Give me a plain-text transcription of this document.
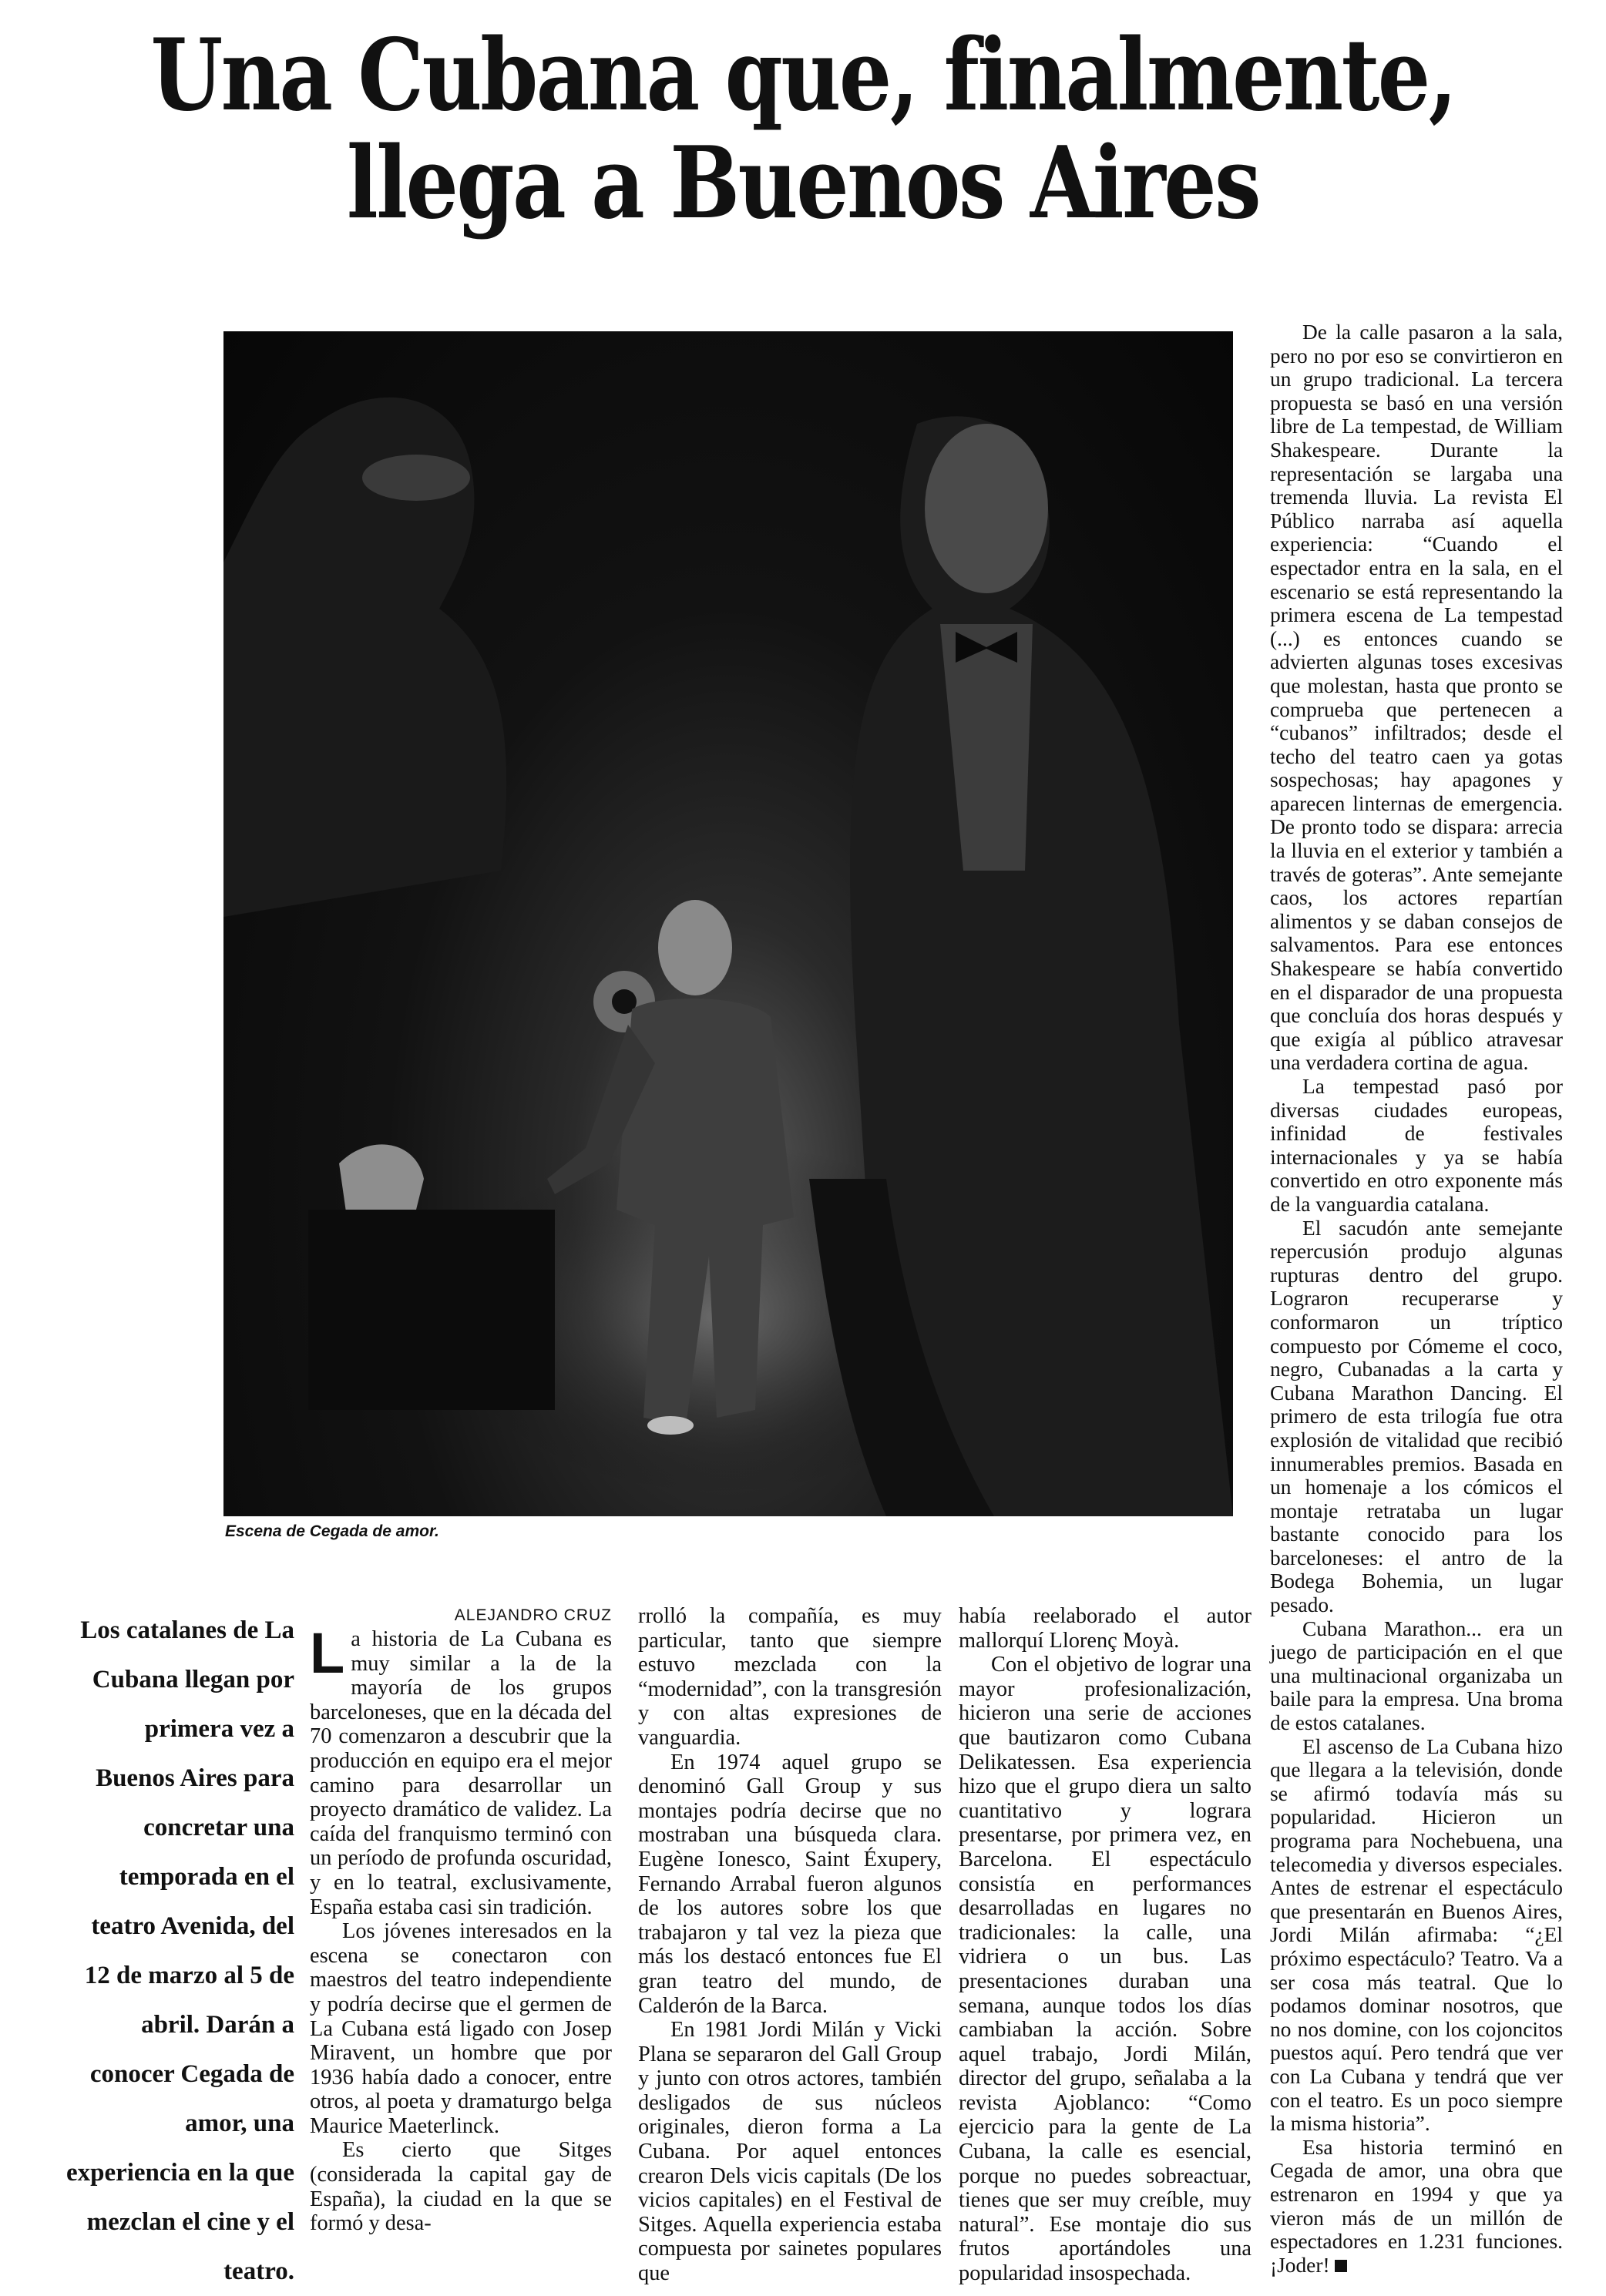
Una Cubana que, finalmente,
llega a Buenos Aires

Escena de Cegada de amor.

Los catalanes de La Cubana llegan por primera vez a Buenos Aires para concretar una temporada en el teatro Avenida, del 12 de marzo al 5 de abril. Darán a conocer Cegada de amor, una experiencia en la que mezclan el cine y el teatro.

ALEJANDRO CRUZ

L a historia de La Cubana es muy similar a la de la mayoría de los grupos barceloneses, que en la década del 70 comenzaron a descubrir que la producción en equipo era el mejor camino para desarrollar un proyecto dramático de validez. La caída del franquismo terminó con un período de profunda oscuridad, y en lo teatral, exclusivamente, España estaba casi sin tradición.

Los jóvenes interesados en la escena se conectaron con maestros del teatro independiente y podría decirse que el germen de La Cubana está ligado con Josep Miravent, un hombre que por 1936 había dado a conocer, entre otros, al poeta y dramaturgo belga Maurice Maeterlinck.

Es cierto que Sitges (considerada la capital gay de España), la ciudad en la que se formó y desa-

rrolló la compañía, es muy particular, tanto que siempre estuvo mezclada con la “modernidad”, con la transgresión y con altas expresiones de vanguardia.

En 1974 aquel grupo se denominó Gall Group y sus montajes podría decirse que no mostraban una búsqueda clara. Eugène Ionesco, Saint Éxupery, Fernando Arrabal fueron algunos de los autores sobre los que trabajaron y tal vez la pieza que más los destacó entonces fue El gran teatro del mundo, de Calderón de la Barca.

En 1981 Jordi Milán y Vicki Plana se separaron del Gall Group y junto con otros actores, también desligados de sus núcleos originales, dieron forma a La Cubana. Por aquel entonces crearon Dels vicis capitals (De los vicios capitales) en el Festival de Sitges. Aquella experiencia estaba compuesta por sainetes populares que

había reelaborado el autor mallorquí Llorenç Moyà.

Con el objetivo de lograr una mayor profesionalización, hicieron una serie de acciones que bautizaron como Cubana Delikatessen. Esa experiencia hizo que el grupo diera un salto cuantitativo y lograra presentarse, por primera vez, en Barcelona. El espectáculo consistía en performances desarrolladas en lugares no tradicionales: la calle, una vidriera o un bus. Las presentaciones duraban una semana, aunque todos los días cambiaban la acción. Sobre aquel trabajo, Jordi Milán, director del grupo, señalaba a la revista Ajoblanco: “Como ejercicio para la gente de La Cubana, la calle es esencial, porque no puedes sobreactuar, tienes que ser muy creíble, muy natural”. Ese montaje dio sus frutos aportándoles una popularidad insospechada.

De la calle pasaron a la sala, pero no por eso se convirtieron en un grupo tradicional. La tercera propuesta se basó en una versión libre de La tempestad, de William Shakespeare. Durante la representación se largaba una tremenda lluvia. La revista El Público narraba así aquella experiencia: “Cuando el espectador entra en la sala, en el escenario se está representando la primera escena de La tempestad (...) es entonces cuando se advierten algunas toses excesivas que molestan, hasta que pronto se comprueba que pertenecen a “cubanos” infiltrados; desde el techo del teatro caen ya gotas sospechosas; hay apagones y aparecen linternas de emergencia. De pronto todo se dispara: arrecia la lluvia en el exterior y también a través de goteras”. Ante semejante caos, los actores repartían alimentos y se daban consejos de salvamentos. Para ese entonces Shakespeare se había convertido en el disparador de una propuesta que concluía dos horas después y que exigía al público atravesar una verdadera cortina de agua.

La tempestad pasó por diversas ciudades europeas, infinidad de festivales internacionales y ya se había convertido en otro exponente más de la vanguardia catalana.

El sacudón ante semejante repercusión produjo algunas rupturas dentro del grupo. Lograron recuperarse y conformaron un tríptico compuesto por Cómeme el coco, negro, Cubanadas a la carta y Cubana Marathon Dancing. El primero de esta trilogía fue otra explosión de vitalidad que recibió innumerables premios. Basada en un homenaje a los cómicos el montaje retrataba un lugar bastante conocido para los barceloneses: el antro de la Bodega Bohemia, un lugar pesado.

Cubana Marathon... era un juego de participación en el que una multinacional organizaba un baile para la empresa. Una broma de estos catalanes.

El ascenso de La Cubana hizo que llegara a la televisión, donde se afirmó todavía más su popularidad. Hicieron un programa para Nochebuena, una telecomedia y diversos especiales. Antes de estrenar el espectáculo que presentarán en Buenos Aires, Jordi Milán afirmaba: “¿El próximo espectáculo? Teatro. Va a ser cosa más teatral. Que lo podamos dominar nosotros, que no nos domine, con los cojoncitos puestos aquí. Pero tendrá que ver con La Cubana y tendrá que ver con el teatro. Es un poco siempre la misma historia”.

Esa historia terminó en Cegada de amor, una obra que estrenaron en 1994 y que ya vieron más de un millón de espectadores en 1.231 funciones. ¡Joder!
